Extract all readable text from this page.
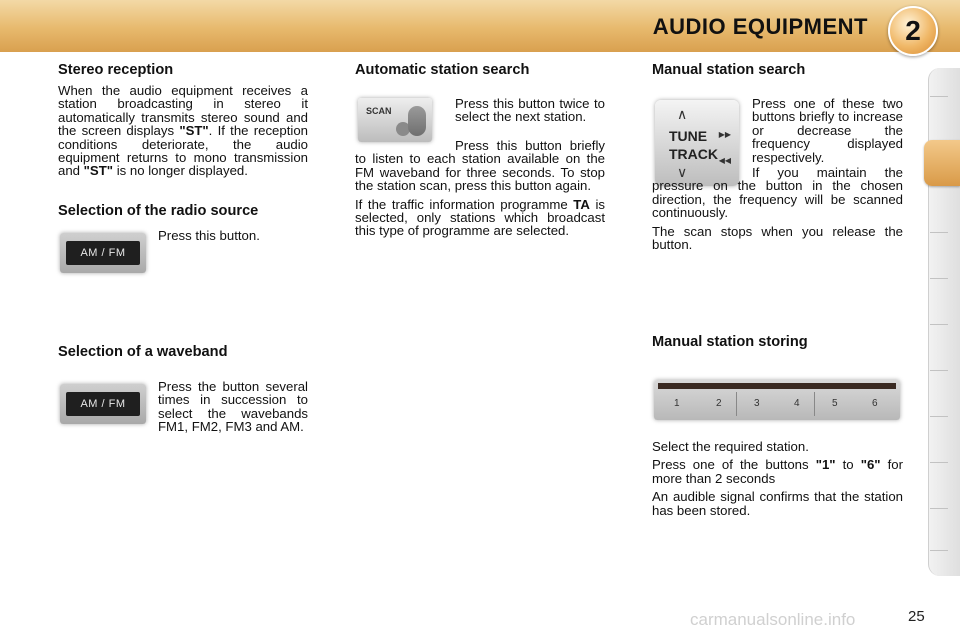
AUDIO EQUIPMENT	2
Stereo reception

When the audio equipment receives a station broadcasting in stereo it automatically transmits stereo sound and the screen displays "ST". If the reception conditions deteriorate, the audio equipment returns to mono transmission and "ST" is no longer displayed.

Selection of the radio source
AM / FM

Press this button.

Selection of a waveband
AM / FM

Press the button several times in succession to select the wavebands FM1, FM2, FM3 and AM.

Automatic station search
SCAN	Press this button twice to select the next station.

Press this button briefly to listen to each station available on the FM waveband for three seconds. To stop the station scan, press this button again.

If the traffic information programme TA is selected, only stations which broadcast this type of programme are selected.

Manual station search
∧
TUNE
TRACK
∨
▶▶
◀◀

Press one of these two buttons briefly to increase or decrease the frequency displayed respectively.

If you maintain the pressure on the button in the chosen direction, the frequency will be scanned continuously.

The scan stops when you release the button.

Manual station storing
1	2	3	4	5	6

Select the required station.

Press one of the buttons "1" to "6" for more than 2 seconds

An audible signal confirms that the station has been stored.

carmanualsonline.info	25
